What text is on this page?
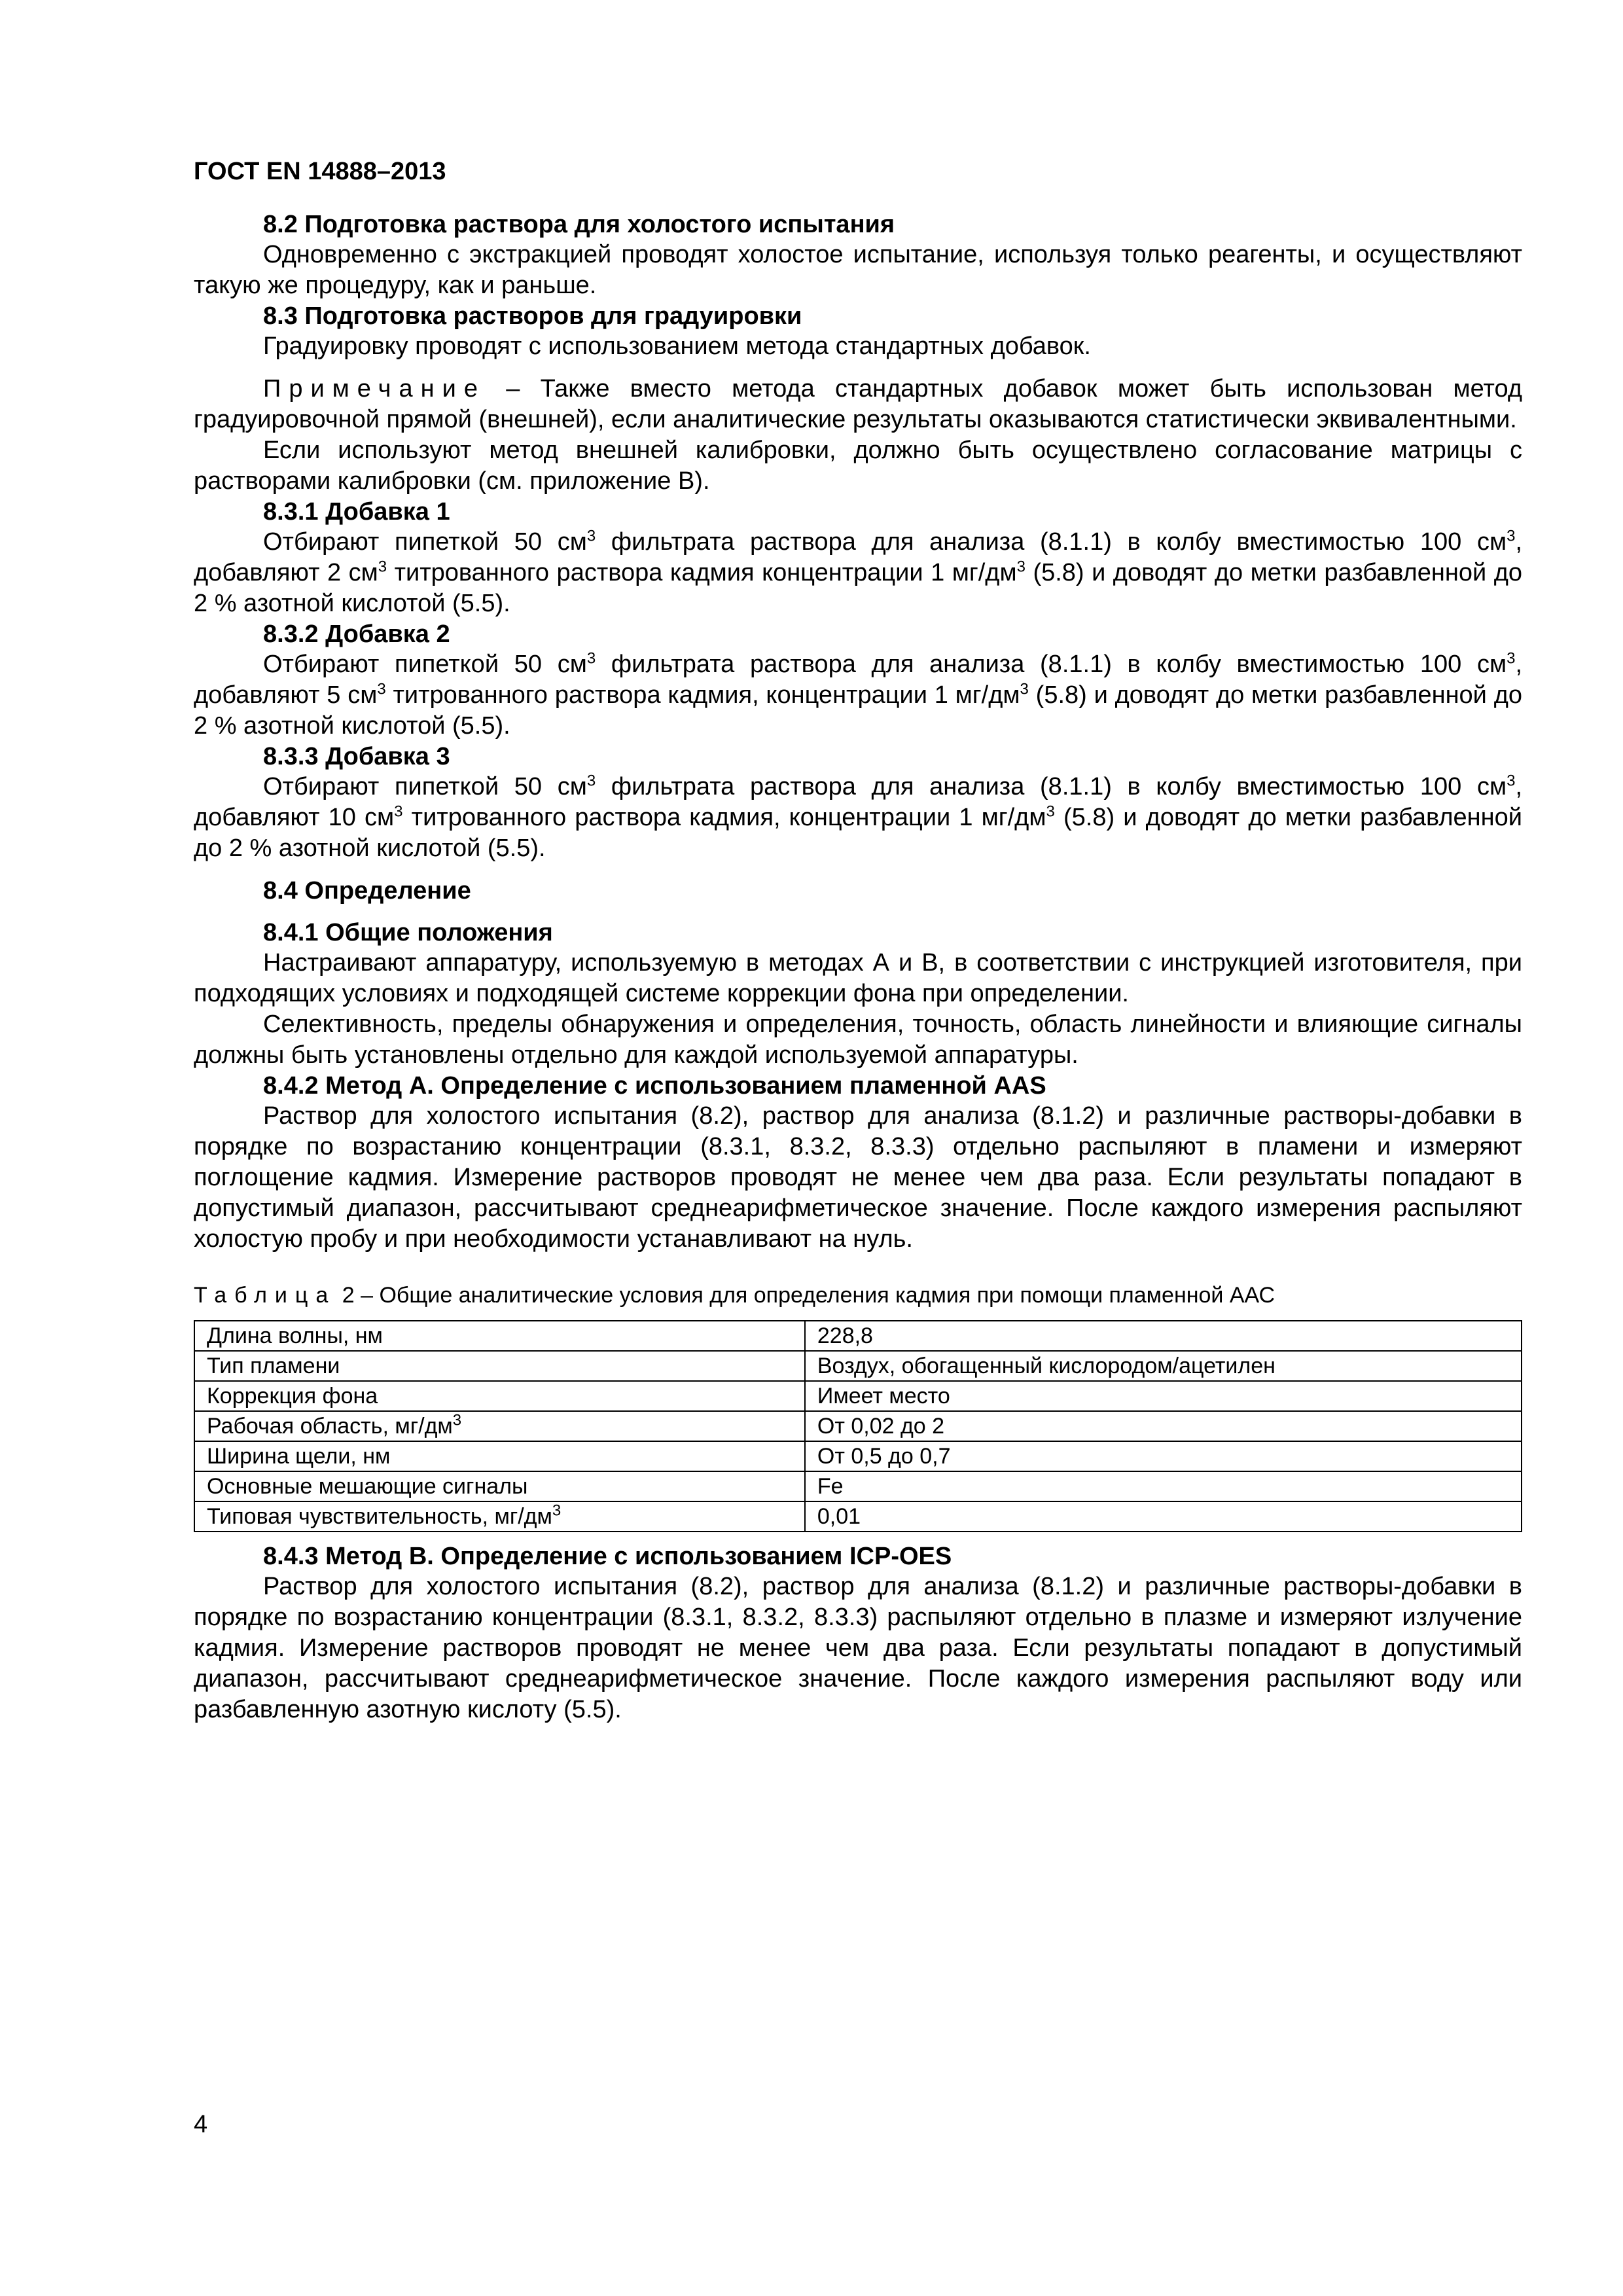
ГОСТ EN 14888–2013
8.2 Подготовка раствора для холостого испытания

Одновременно с экстракцией проводят холостое испытание, используя только реагенты, и осуществляют такую же процедуру, как и раньше.

8.3 Подготовка растворов для градуировки

Градуировку проводят с использованием метода стандартных добавок.

Примечание – Также вместо метода стандартных добавок может быть использован метод градуировочной прямой (внешней), если аналитические результаты оказываются статистически эквивалентными.

Если используют метод внешней калибровки, должно быть осуществлено согласование матрицы с растворами калибровки (см. приложение В).

8.3.1 Добавка 1

Отбирают пипеткой 50 $см^3$ фильтрата раствора для анализа (8.1.1) в колбу вместимостью 100 $см^3$, добавляют 2 $см^3$ титрованного раствора кадмия концентрации 1 $мг/дм^3$ (5.8) и доводят до метки разбавленной до 2 % азотной кислотой (5.5).

8.3.2 Добавка 2

Отбирают пипеткой 50 $см^3$ фильтрата раствора для анализа (8.1.1) в колбу вместимостью 100 $см^3$, добавляют 5 $см^3$ титрованного раствора кадмия, концентрации 1 $мг/дм^3$ (5.8) и доводят до метки разбавленной до 2 % азотной кислотой (5.5).

8.3.3 Добавка 3

Отбирают пипеткой 50 $см^3$ фильтрата раствора для анализа (8.1.1) в колбу вместимостью 100 $см^3$, добавляют 10 $см^3$ титрованного раствора кадмия, концентрации 1 $мг/дм^3$ (5.8) и доводят до метки разбавленной до 2 % азотной кислотой (5.5).

8.4 Определение
8.4.1 Общие положения

Настраивают аппаратуру, используемую в методах А и В, в соответствии с инструкцией изготовителя, при подходящих условиях и подходящей системе коррекции фона при определении.

Селективность, пределы обнаружения и определения, точность, область линейности и влияющие сигналы должны быть установлены отдельно для каждой используемой аппаратуры.

8.4.2 Метод А. Определение с использованием пламенной AAS

Раствор для холостого испытания (8.2), раствор для анализа (8.1.2) и различные растворы-добавки в порядке по возрастанию концентрации (8.3.1, 8.3.2, 8.3.3) отдельно распыляют в пламени и измеряют поглощение кадмия. Измерение растворов проводят не менее чем два раза. Если результаты попадают в допустимый диапазон, рассчитывают среднеарифметическое значение. После каждого измерения распыляют холостую пробу и при необходимости устанавливают на нуль.

Таблица 2 – Общие аналитические условия для определения кадмия при помощи пламенной ААС
Длина волны, нм	228,8
Тип пламени	Воздух, обогащенный кислородом/ацетилен
Коррекция фона	Имеет место
Рабочая область, $мг/дм^3$	От 0,02 до 2
Ширина щели, нм	От 0,5 до 0,7
Основные мешающие сигналы	Fe
Типовая чувствительность, $мг/дм^3$	0,01
8.4.3 Метод В. Определение с использованием ICP-OES

Раствор для холостого испытания (8.2), раствор для анализа (8.1.2) и различные растворы-добавки в порядке по возрастанию концентрации (8.3.1, 8.3.2, 8.3.3) распыляют отдельно в плазме и измеряют излучение кадмия. Измерение растворов проводят не менее чем два раза. Если результаты попадают в допустимый диапазон, рассчитывают среднеарифметическое значение. После каждого измерения распыляют воду или разбавленную азотную кислоту (5.5).

4
